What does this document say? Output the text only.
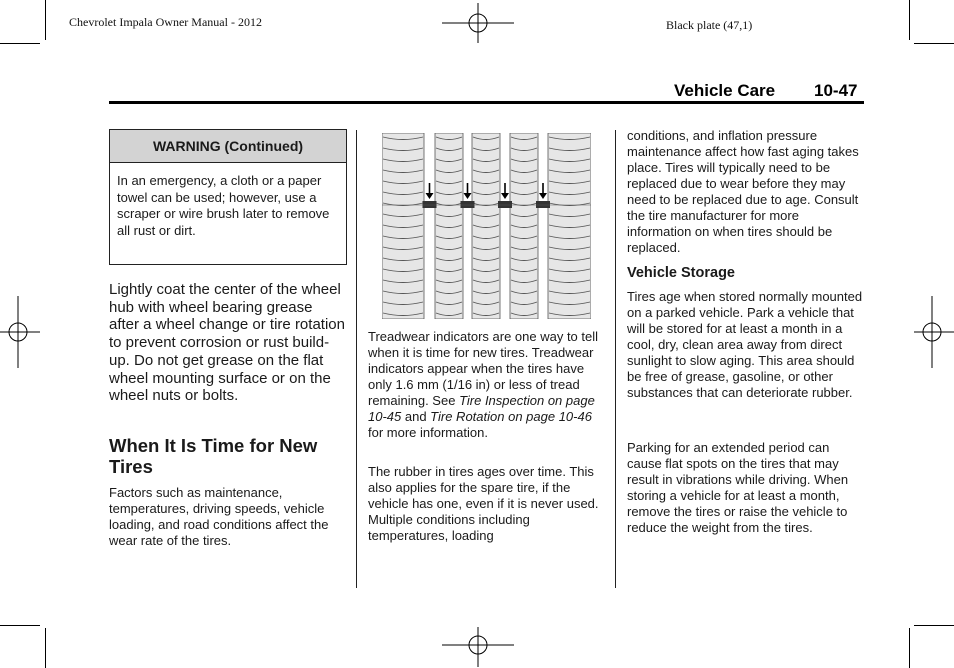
Chevrolet Impala Owner Manual - 2012	Black plate (47,1)
Vehicle Care 10-47
WARNING (Continued)
In an emergency, a cloth or a paper towel can be used; however, use a scraper or wire brush later to remove all rust or dirt.

Lightly coat the center of the wheel hub with wheel bearing grease after a wheel change or tire rotation to prevent corrosion or rust build-up. Do not get grease on the flat wheel mounting surface or on the wheel nuts or bolts.

When It Is Time for New Tires

Factors such as maintenance, temperatures, driving speeds, vehicle loading, and road conditions affect the wear rate of the tires.

Treadwear indicators are one way to tell when it is time for new tires. Treadwear indicators appear when the tires have only 1.6 mm (1/16 in) or less of tread remaining. See Tire Inspection on page 10-45 and Tire Rotation on page 10-46 for more information.

The rubber in tires ages over time. This also applies for the spare tire, if the vehicle has one, even if it is never used. Multiple conditions including temperatures, loading

conditions, and inflation pressure maintenance affect how fast aging takes place. Tires will typically need to be replaced due to wear before they may need to be replaced due to age. Consult the tire manufacturer for more information on when tires should be replaced.

Vehicle Storage

Tires age when stored normally mounted on a parked vehicle. Park a vehicle that will be stored for at least a month in a cool, dry, clean area away from direct sunlight to slow aging. This area should be free of grease, gasoline, or other substances that can deteriorate rubber.

Parking for an extended period can cause flat spots on the tires that may result in vibrations while driving. When storing a vehicle for at least a month, remove the tires or raise the vehicle to reduce the weight from the tires.
